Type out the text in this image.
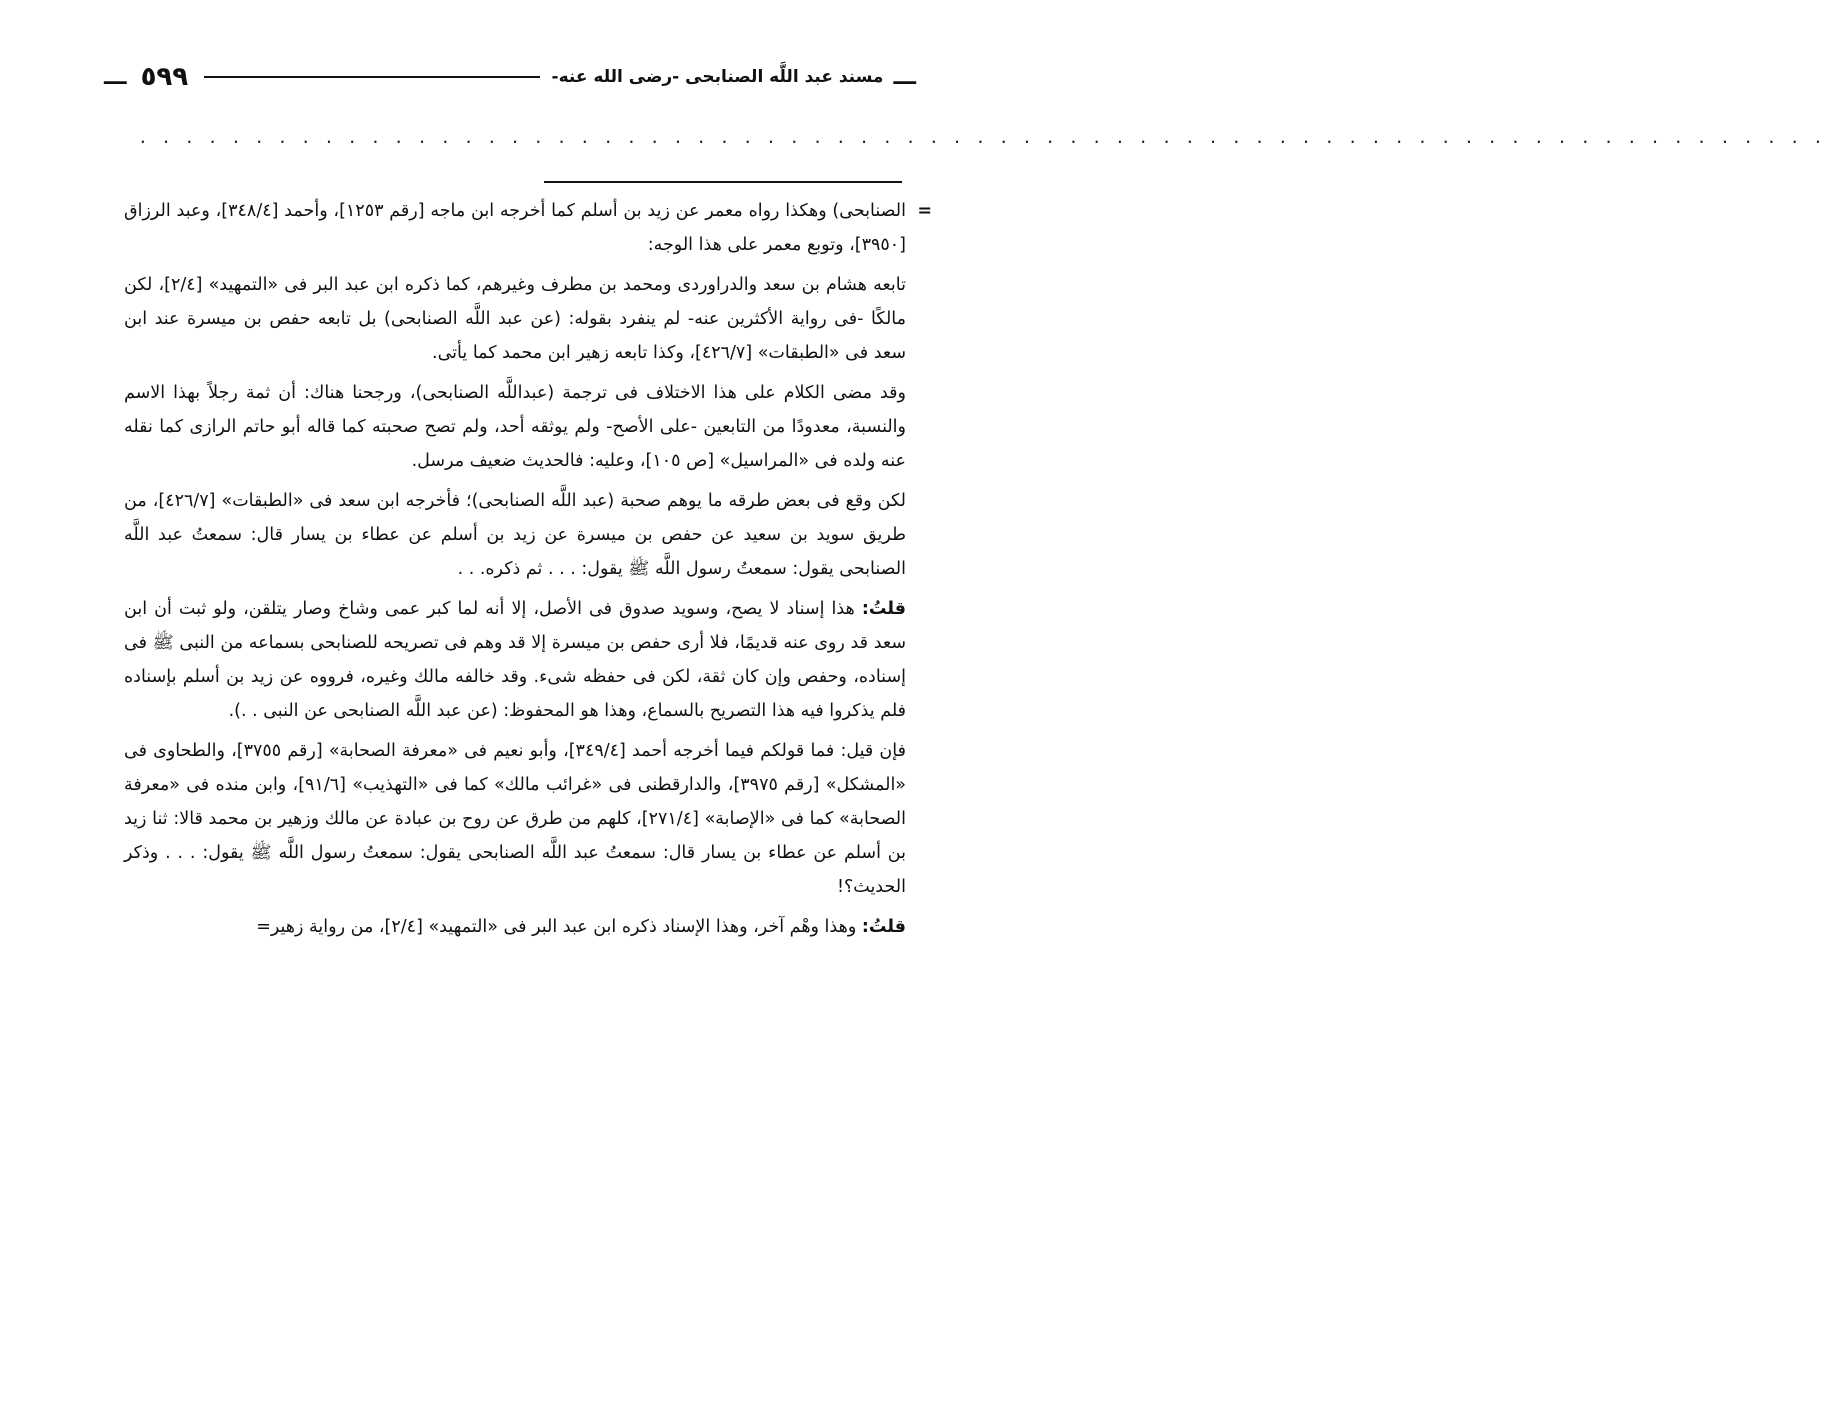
ـــ ٥٩٩	مسند عبد اللَّه الصنابحى -رضى الله عنه- ـــ
. . . . . . . . . . . . . . . . . . . . . . . . . . . . . . . . . . . . . . . . . . . . . . . . . . . . . . . . . . . . . . . . . . . . . . . . .

=
الصنابحى) وهكذا رواه معمر عن زيد بن أسلم كما أخرجه ابن ماجه [رقم ١٢٥٣]، وأحمد [٣٤٨/٤]، وعبد الرزاق [٣٩٥٠]، وتوبع معمر على هذا الوجه:

تابعه هشام بن سعد والدراوردى ومحمد بن مطرف وغيرهم، كما ذكره ابن عبد البر فى «التمهيد» [٢/٤]، لكن مالكًا -فى رواية الأكثرين عنه- لم ينفرد بقوله: (عن عبد اللَّه الصنابحى) بل تابعه حفص بن ميسرة عند ابن سعد فى «الطبقات» [٤٢٦/٧]، وكذا تابعه زهير ابن محمد كما يأتى.

وقد مضى الكلام على هذا الاختلاف فى ترجمة (عبداللَّه الصنابحى)، ورجحنا هناك: أن ثمة رجلاً بهذا الاسم والنسبة، معدودًا من التابعين -على الأصح- ولم يوثقه أحد، ولم تصح صحبته كما قاله أبو حاتم الرازى كما نقله عنه ولده فى «المراسيل» [ص ١٠٥]، وعليه: فالحديث ضعيف مرسل.

لكن وقع فى بعض طرقه ما يوهم صحبة (عبد اللَّه الصنابحى)؛ فأخرجه ابن سعد فى «الطبقات» [٤٢٦/٧]، من طريق سويد بن سعيد عن حفص بن ميسرة عن زيد بن أسلم عن عطاء بن يسار قال: سمعتُ عبد اللَّه الصنابحى يقول: سمعتُ رسول اللَّه ﷺ يقول: . . . ثم ذكره. . .

قلتُ: هذا إسناد لا يصح، وسويد صدوق فى الأصل، إلا أنه لما كبر عمى وشاخ وصار يتلقن، ولو ثبت أن ابن سعد قد روى عنه قديمًا، فلا أرى حفص بن ميسرة إلا قد وهم فى تصريحه للصنابحى بسماعه من النبى ﷺ فى إسناده، وحفص وإن كان ثقة، لكن فى حفظه شىء. وقد خالفه مالك وغيره، فرووه عن زيد بن أسلم بإسناده فلم يذكروا فيه هذا التصريح بالسماع، وهذا هو المحفوظ: (عن عبد اللَّه الصنابحى عن النبى . .).

فإن قيل: فما قولكم فيما أخرجه أحمد [٣٤٩/٤]، وأبو نعيم فى «معرفة الصحابة» [رقم ٣٧٥٥]، والطحاوى فى «المشكل» [رقم ٣٩٧٥]، والدارقطنى فى «غرائب مالك» كما فى «التهذيب» [٩١/٦]، وابن منده فى «معرفة الصحابة» كما فى «الإصابة» [٢٧١/٤]، كلهم من طرق عن روح بن عبادة عن مالك وزهير بن محمد قالا: ثنا زيد بن أسلم عن عطاء بن يسار قال: سمعتُ عبد اللَّه الصنابحى يقول: سمعتُ رسول اللَّه ﷺ يقول: . . . وذكر الحديث؟!

قلتُ: وهذا وهْم آخر، وهذا الإسناد ذكره ابن عبد البر فى «التمهيد» [٢/٤]، من رواية زهير=
